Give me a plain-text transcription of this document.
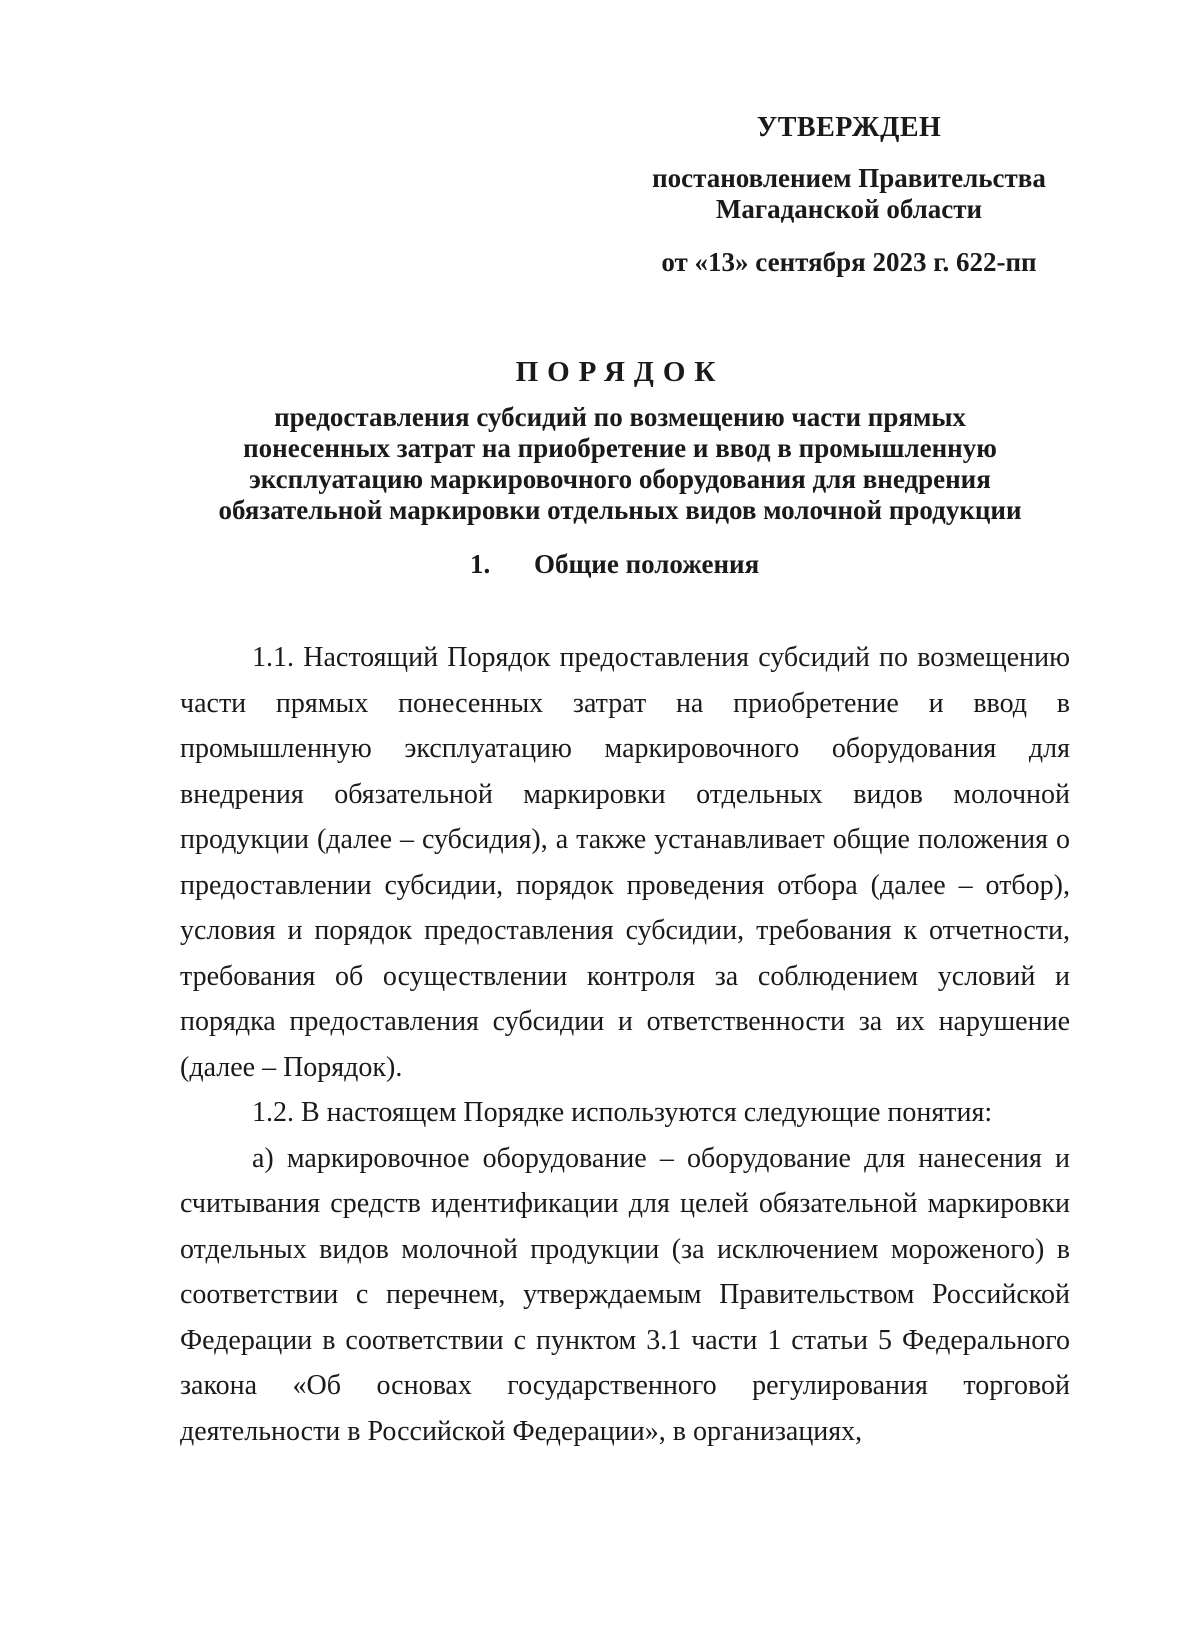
УТВЕРЖДЕН
постановлением Правительства
Магаданской области
от «13» сентября 2023 г. 622-пп
ПОРЯДОК
предоставления субсидий по возмещению части прямых
понесенных затрат на приобретение и ввод в промышленную
эксплуатацию маркировочного оборудования для внедрения
обязательной маркировки отдельных видов молочной продукции
1. Общие положения

1.1. Настоящий Порядок предоставления субсидий по возмещению части прямых понесенных затрат на приобретение и ввод в промышленную эксплуатацию маркировочного оборудования для внедрения обязательной маркировки отдельных видов молочной продукции (далее – субсидия), а также устанавливает общие положения о предоставлении субсидии, порядок проведения отбора (далее – отбор), условия и порядок предоставления субсидии, требования к отчетности, требования об осуществлении контроля за соблюдением условий и порядка предоставления субсидии и ответственности за их нарушение (далее – Порядок).

1.2. В настоящем Порядке используются следующие понятия:

а) маркировочное оборудование – оборудование для нанесения и считывания средств идентификации для целей обязательной маркировки отдельных видов молочной продукции (за исключением мороженого) в соответствии с перечнем, утверждаемым Правительством Российской Федерации в соответствии с пунктом 3.1 части 1 статьи 5 Федерального закона «Об основах государственного регулирования торговой деятельности в Российской Федерации», в организациях,
